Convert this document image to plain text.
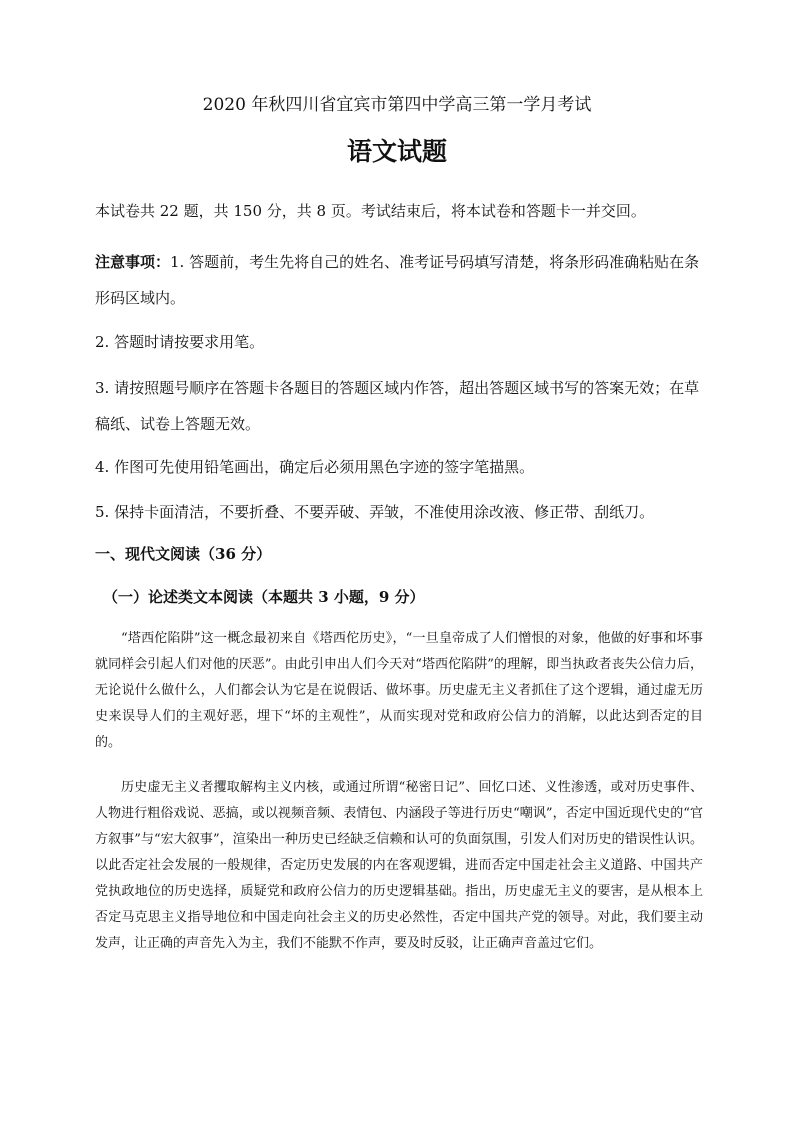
2020 年秋四川省宜宾市第四中学高三第一学月考试
语文试题
本试卷共 22 题，共 150 分，共 8 页。考试结束后，将本试卷和答题卡一并交回。
注意事项：1. 答题前，考生先将自己的姓名、准考证号码填写清楚，将条形码准确粘贴在条形码区域内。
2. 答题时请按要求用笔。
3. 请按照题号顺序在答题卡各题目的答题区域内作答，超出答题区域书写的答案无效；在草稿纸、试卷上答题无效。
4. 作图可先使用铅笔画出，确定后必须用黑色字迹的签字笔描黑。
5. 保持卡面清洁，不要折叠、不要弄破、弄皱，不准使用涂改液、修正带、刮纸刀。
一、现代文阅读（36 分）
（一）论述类文本阅读（本题共 3 小题，9 分）
“塔西佗陷阱”这一概念最初来自《塔西佗历史》，“一旦皇帝成了人们憎恨的对象，他做的好事和坏事就同样会引起人们对他的厌恶”。由此引申出人们今天对“塔西佗陷阱”的理解，即当执政者丧失公信力后，无论说什么做什么，人们都会认为它是在说假话、做坏事。历史虚无主义者抓住了这个逻辑，通过虚无历史来误导人们的主观好恶，埋下“坏的主观性”，从而实现对党和政府公信力的消解，以此达到否定的目的。
历史虚无主义者攫取解构主义内核，或通过所谓“秘密日记”、回忆口述、义性渗透，或对历史事件、人物进行粗俗戏说、恶搞，或以视频音频、表情包、内涵段子等进行历史“嘲讽”，否定中国近现代史的“官方叙事”与“宏大叙事”，渲染出一种历史已经缺乏信赖和认可的负面氛围，引发人们对历史的错误性认识。以此否定社会发展的一般规律，否定历史发展的内在客观逻辑，进而否定中国走社会主义道路、中国共产党执政地位的历史选择，质疑党和政府公信力的历史逻辑基础。指出，历史虚无主义的要害，是从根本上否定马克思主义指导地位和中国走向社会主义的历史必然性，否定中国共产党的领导。对此，我们要主动发声，让正确的声音先入为主，我们不能默不作声，要及时反驳，让正确声音盖过它们。
